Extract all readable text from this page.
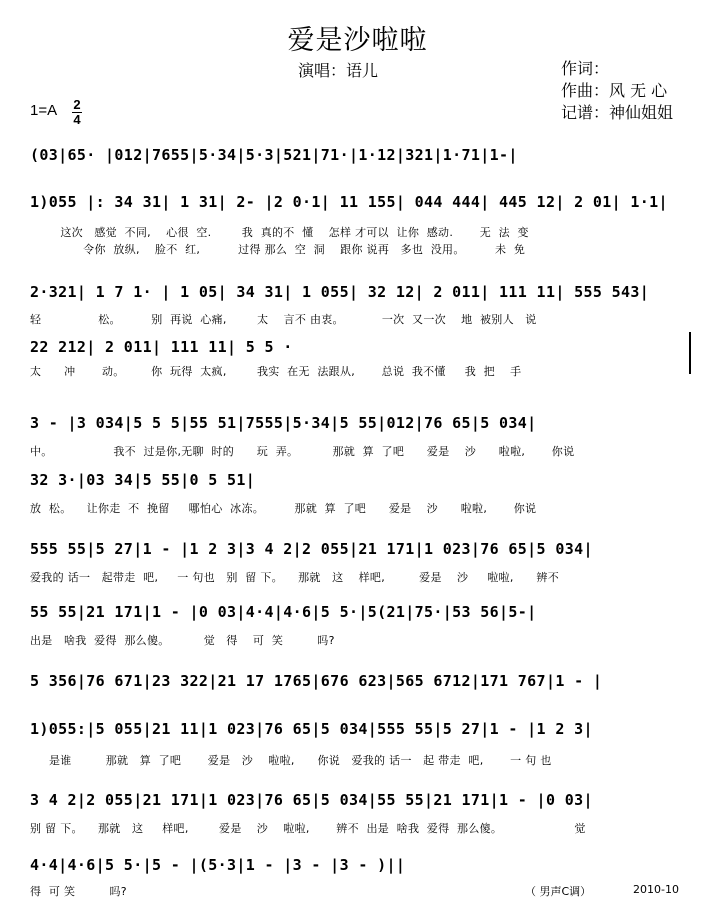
爱是沙啦啦
演唱：语儿	作词：
作曲：风 无 心
记谱：神仙姐姐
1=A 2
4
(03|65· |012|7655|5·34|5·3|521|71·|1·12|321|1·71|1-|
1)055 |: 34 31| 1 31| 2- |2 0·1| 11 155| 044 444| 445 12| 2 01| 1·1|
这次   感觉  不同,    心很  空.        我  真的不  懂    怎样 才可以  让你  感动.       无  法  变
令你  放纵,    脸不  红,          过得 那么  空  洞    跟你 说再   多也  没用。        未  免
2·321| 1 7 1· | 1 05| 34 31| 1 055| 32 12| 2 011| 111 11| 555 543|
轻               松。        别  再说  心痛,        太    言不 由衷。          一次  又一次    地  被别人   说
22 212| 2 011| 111 11| 5 5 ·
太      冲       动。       你  玩得  太疯,        我实  在无  法跟从,       总说  我不懂     我  把    手
3 - |3 034|5 5 5|55 51|7555|5·34|5 55|012|76 65|5 034|
中。                我不  过是你,无聊  时的      玩  弄。         那就  算  了吧      爱是    沙      啦啦,       你说
32 3·|03 34|5 55|0 5 51|
放  松。    让你走  不  挽留     哪怕心  冰冻。        那就  算  了吧      爱是    沙      啦啦,       你说
555 55|5 27|1 - |1 2 3|3 4 2|2 055|21 171|1 023|76 65|5 034|
爱我的 话一   起带走  吧,     一 句也   别  留 下。    那就   这    样吧,         爱是    沙     啦啦,      辨不
55 55|21 171|1 - |0 03|4·4|4·6|5 5·|5(21|75·|53 56|5-|
出是   啥我  爱得  那么傻。         觉   得    可  笑         吗?
5 356|76 671|23 322|21 17 1765|676 623|565 6712|171 767|1 - |
1)055:|5 055|21 11|1 023|76 65|5 034|555 55|5 27|1 - |1 2 3|
是谁         那就   算  了吧       爱是   沙    啦啦,      你说   爱我的 话一   起 带走  吧,       一 句 也
3 4 2|2 055|21 171|1 023|76 65|5 034|55 55|21 171|1 - |0 03|
别 留 下。    那就   这     样吧,        爱是    沙    啦啦,       辨不  出是  啥我  爱得  那么傻。                   觉
4·4|4·6|5 5·|5 - |(5·3|1 - |3 - |3 - )||
得  可 笑         吗?	（ 男声C调）	2010-10
